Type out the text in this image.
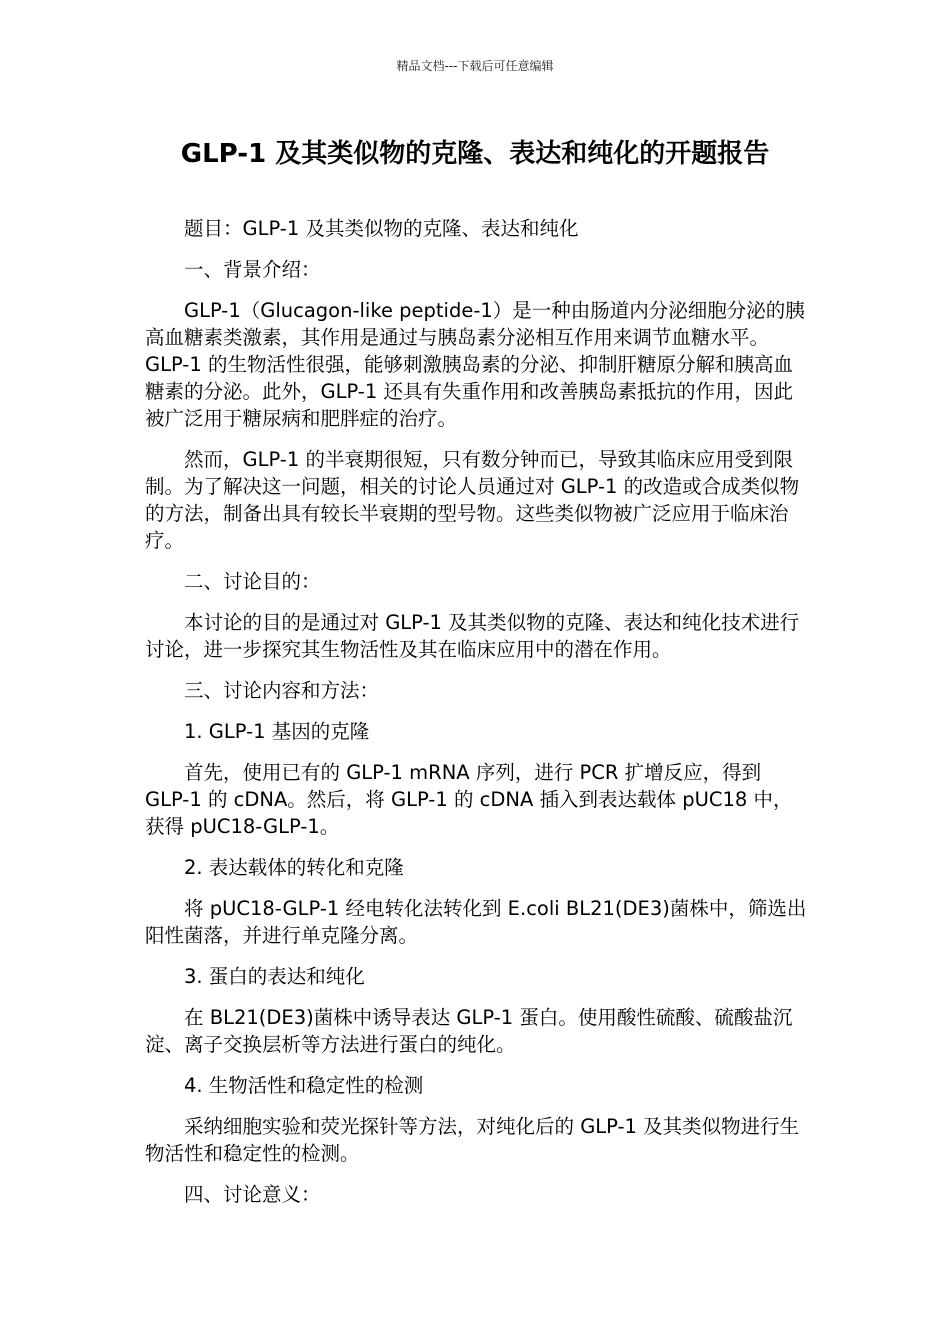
精品文档---下载后可任意编辑
GLP-1 及其类似物的克隆、表达和纯化的开题报告

题目：GLP-1 及其类似物的克隆、表达和纯化

一、背景介绍：

GLP-1（Glucagon-like peptide-1）是一种由肠道内分泌细胞分泌的胰高血糖素类激素，其作用是通过与胰岛素分泌相互作用来调节血糖水平。GLP-1 的生物活性很强，能够刺激胰岛素的分泌、抑制肝糖原分解和胰高血糖素的分泌。此外，GLP-1 还具有失重作用和改善胰岛素抵抗的作用，因此被广泛用于糖尿病和肥胖症的治疗。

然而，GLP-1 的半衰期很短，只有数分钟而已，导致其临床应用受到限制。为了解决这一问题，相关的讨论人员通过对 GLP-1 的改造或合成类似物的方法，制备出具有较长半衰期的型号物。这些类似物被广泛应用于临床治疗。

二、讨论目的：

本讨论的目的是通过对 GLP-1 及其类似物的克隆、表达和纯化技术进行讨论，进一步探究其生物活性及其在临床应用中的潜在作用。

三、讨论内容和方法：

1. GLP-1 基因的克隆

首先，使用已有的 GLP-1 mRNA 序列，进行 PCR 扩增反应，得到 GLP-1 的 cDNA。然后，将 GLP-1 的 cDNA 插入到表达载体 pUC18 中，获得 pUC18-GLP-1。

2. 表达载体的转化和克隆

将 pUC18-GLP-1 经电转化法转化到 E.coli BL21(DE3)菌株中，筛选出阳性菌落，并进行单克隆分离。

3. 蛋白的表达和纯化

在 BL21(DE3)菌株中诱导表达 GLP-1 蛋白。使用酸性硫酸、硫酸盐沉淀、离子交换层析等方法进行蛋白的纯化。

4. 生物活性和稳定性的检测

采纳细胞实验和荧光探针等方法，对纯化后的 GLP-1 及其类似物进行生物活性和稳定性的检测。

四、讨论意义：
